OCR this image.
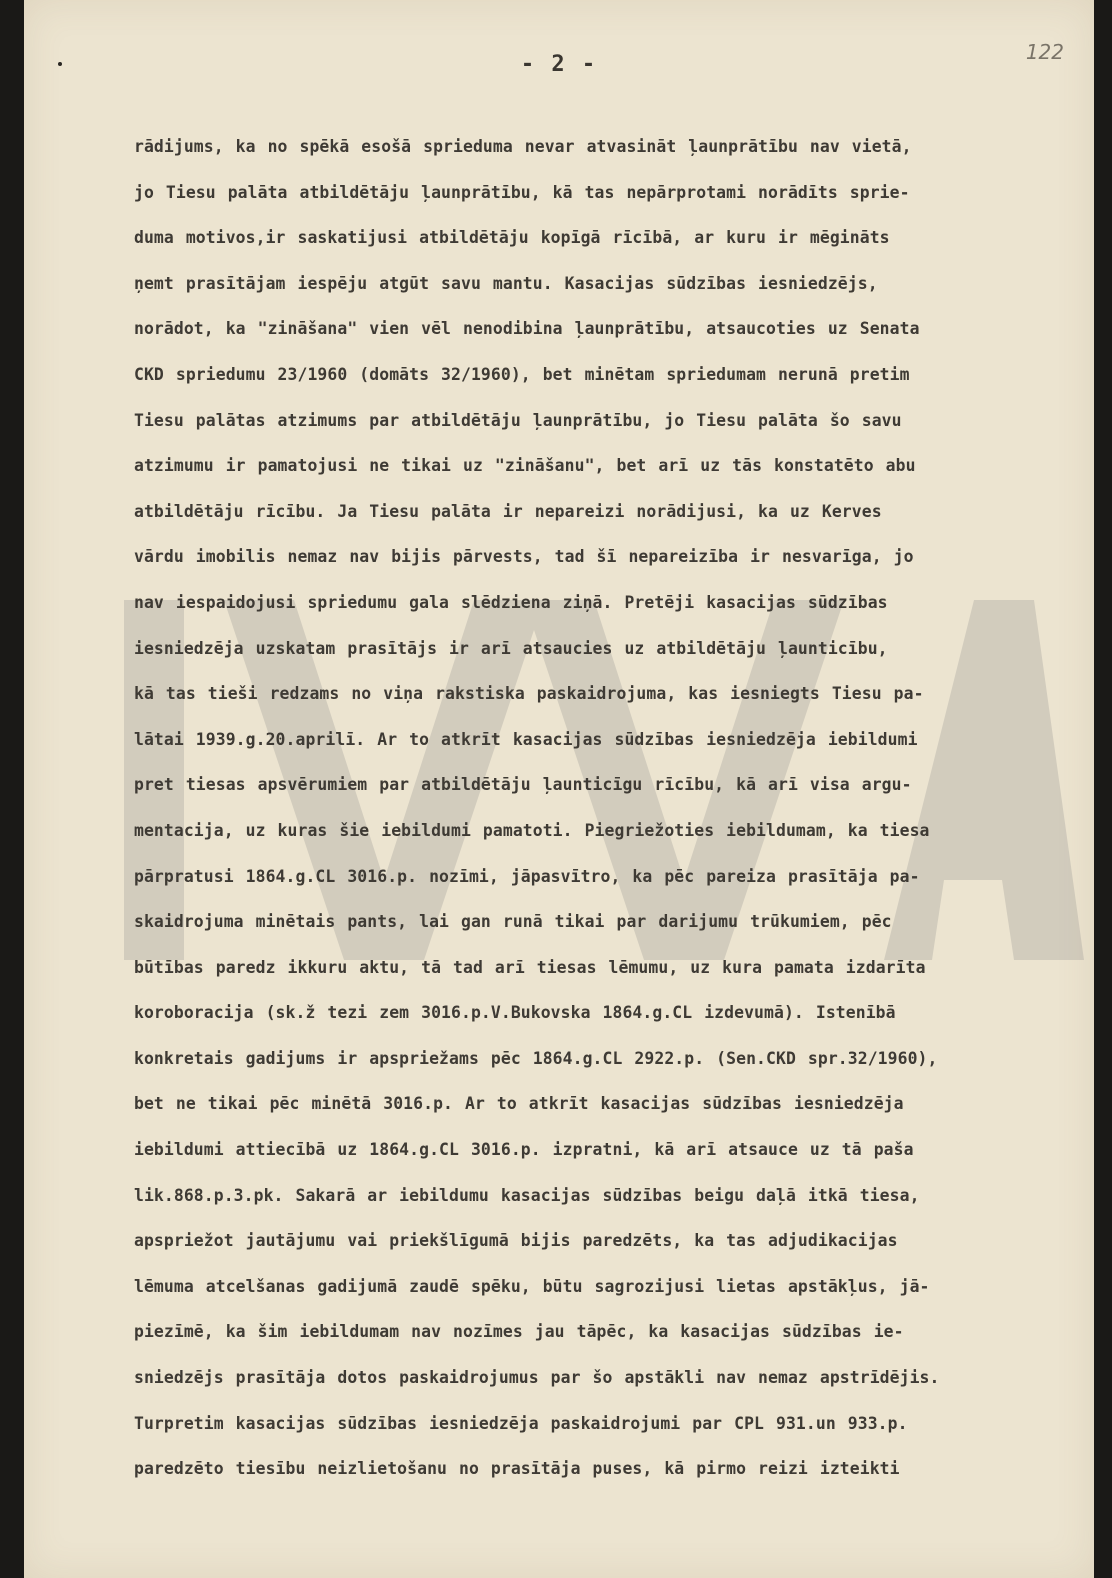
- 2 -	122
rādijums, ka no spēkā esošā sprieduma nevar atvasināt ļaunprātību nav vietā,
jo Tiesu palāta atbildētāju ļaunprātību, kā tas nepārprotami norādīts sprie-
duma motivos,ir saskatijusi atbildētāju kopīgā rīcībā, ar kuru ir mēgināts
ņemt prasītājam iespēju atgūt savu mantu. Kasacijas sūdzības iesniedzējs,
norādot, ka "zināšana" vien vēl nenodibina ļaunprātību, atsaucoties uz Senata
CKD spriedumu 23/1960 (domāts 32/1960), bet minētam spriedumam nerunā pretim
Tiesu palātas atzimums par atbildētāju ļaunprātību, jo Tiesu palāta šo savu
atzimumu ir pamatojusi ne tikai uz "zināšanu", bet arī uz tās konstatēto abu
atbildētāju rīcību. Ja Tiesu palāta ir nepareizi norādijusi, ka uz Kerves
vārdu imobilis nemaz nav bijis pārvests, tad šī nepareizība ir nesvarīga, jo
nav iespaidojusi spriedumu gala slēdziena ziņā. Pretēji kasacijas sūdzības
iesniedzēja uzskatam prasītājs ir arī atsaucies uz atbildētāju ļaunticību,
kā tas tieši redzams no viņa rakstiska paskaidrojuma, kas iesniegts Tiesu pa-
lātai 1939.g.20.aprilī. Ar to atkrīt kasacijas sūdzības iesniedzēja iebildumi
pret tiesas apsvērumiem par atbildētāju ļaunticīgu rīcību, kā arī visa argu-
mentacija, uz kuras šie iebildumi pamatoti. Piegriežoties iebildumam, ka tiesa
pārpratusi 1864.g.CL 3016.p. nozīmi, jāpasvītro, ka pēc pareiza prasītāja pa-
skaidrojuma minētais pants, lai gan runā tikai par darijumu trūkumiem, pēc
būtības paredz ikkuru aktu, tā tad arī tiesas lēmumu, uz kura pamata izdarīta
koroboracija (sk.ž tezi zem 3016.p.V.Bukovska 1864.g.CL izdevumā). Istenībā
konkretais gadijums ir apspriežams pēc 1864.g.CL 2922.p. (Sen.CKD spr.32/1960),
bet ne tikai pēc minētā 3016.p. Ar to atkrīt kasacijas sūdzības iesniedzēja
iebildumi attiecībā uz 1864.g.CL 3016.p. izpratni, kā arī atsauce uz tā paša
lik.868.p.3.pk. Sakarā ar iebildumu kasacijas sūdzības beigu daļā itkā tiesa,
apspriežot jautājumu vai priekšlīgumā bijis paredzēts, ka tas adjudikacijas
lēmuma atcelšanas gadijumā zaudē spēku, būtu sagrozijusi lietas apstākļus, jā-
piezīmē, ka šim iebildumam nav nozīmes jau tāpēc, ka kasacijas sūdzības ie-
sniedzējs prasītāja dotos paskaidrojumus par šo apstākli nav nemaz apstrīdējis.
Turpretim kasacijas sūdzības iesniedzēja paskaidrojumi par CPL 931.un 933.p.
paredzēto tiesību neizlietošanu no prasītāja puses, kā pirmo reizi izteikti
